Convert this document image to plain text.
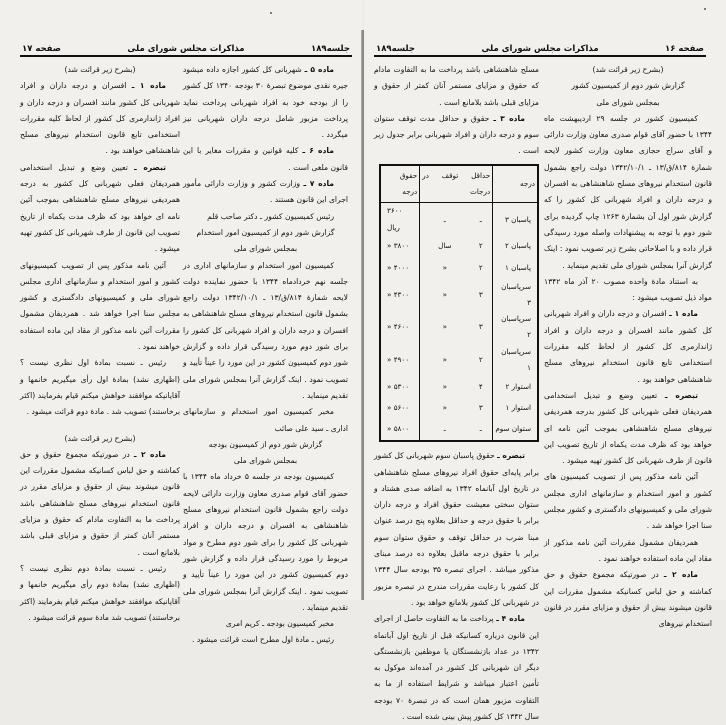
جلسه۱۸۹
مذاکرات مجلس شورای ملی
صفحه ۱۷

ماده ۵ ـ شهربانی کل کشور اجازه داده میشود جیره نقدی موضوع تبصرهٔ ۳۰ بودجه ۱۳۴۰ کل کشور را از بودجه خود به افراد شهربانی پرداخت نماید پرداخت مزبور شامل درجه داران شهربانی نیز میگردد .

ماده ۶ ـ کلیه قوانین و مقررات مغایر با این قانون ملغی است .

ماده ۷ ـ وزارت کشور و وزارت دارائی مأمور اجرای این قانون هستند .

رئیس کمیسیون کشور ـ دکتر صاحب قلم

گزارش شور دوم از کمیسیون امور استخدام

بمجلس شورای ملی

کمیسیون امور استخدام و سازمانهای اداری در جلسه نهم خردادماه ۱۳۴۴ با حضور نماینده دولت لایحه شمارهٔ ۸۱۴/ق/۱۳ ـ ۱۳۴۲/۱۰/۱ دولت راجع بشمول قانون استخدام نیروهای مسلح شاهنشاهی به افسران و درجه داران و افراد شهربانی کل کشور را برای شور دوم مورد رسیدگی قرار داده و گزارش شور دوم کمیسیون کشور در این مورد را عیناً تأیید و تصویب نمود . اینک گزارش آنرا بمجلس شورای ملی تقدیم مینماید .

مخبر کمیسیون امور استخدام و سازمانهای اداری ـ سید علی صائب

گزارش شور دوم از کمیسیون بودجه

بمجلس شورای ملی

کمیسیون بودجه در جلسه ۵ خرداد ماه ۱۳۴۴ با حضور آقای قوام صدری معاون وزارت دارائی لایحه دولت راجع بشمول قانون استخدام نیروهای مسلح شاهنشاهی به افسران و درجه داران و افراد شهربانی کل کشور را برای شور دوم مطرح و مواد مربوط را مورد رسیدگی قرار داده و گزارش شور دوم کمیسیون کشور در این مورد را عیناً تأیید و تصویب نمود . اینک گزارش آنرا بمجلس شورای ملی تقدیم مینماید .

مخبر کمیسیون بودجه ـ کریم امری

رئیس ـ مادهٔ اول مطرح است قرائت میشود .

(بشرح زیر قرائت شد)

ماده ۱ ـ افسران و درجه داران و افراد شهربانی کل کشور مانند افسران و درجه داران و افراد ژاندارمری کل کشور از لحاظ کلیه مقررات استخدامی تابع قانون استخدام نیروهای مسلح شاهنشاهی خواهند بود .

تبصره ـ تعیین وضع و تبدیل استخدامی همردیفان فعلی شهربانی کل کشور به درجه همردیفی نیروهای مسلح شاهنشاهی بموجب آئین نامه ای خواهد بود که ظرف مدت یکماه از تاریخ تصویب این قانون از طرف شهربانی کل کشور تهیه میشود .

آئین نامه مذکور پس از تصویب کمیسیونهای کشور و امور استخدام و سازمانهای اداری مجلس شورای ملی و کمیسیونهای دادگستری و کشور مجلس سنا اجرا خواهد شد . همردیفان مشمول مقررات آئین نامه مذکور از مقاد این ماده استفاده خواهند نمود .

رئیس ـ نسبت بمادهٔ اول نظری نیست ؟ (اظهاری نشد) بمادهٔ اول رأی میگیریم خانمها و آقایانیکه موافقند خواهش میکنم قیام بفرمایند (اکثر برخاستند) تصویب شد . مادهٔ دوم قرائت میشود .

(بشرح زیر قرائت شد)

ماده ۲ ـ در صورتیکه مجموع حقوق و حق کماشته و حق لباس کسانیکه مشمول مقررات این قانون میشوند بیش از حقوق و مزایای مقرر در قانون استخدام نیروهای مسلح شاهنشاهی باشد پرداخت ما به التفاوت مادام که حقوق و مزایای مستمر آنان کمتر از حقوق و مزایای قبلی باشد بلامانع است .

رئیس ـ نسبت بمادهٔ دوم نظری نیست ؟ (اظهاری نشد) بمادهٔ دوم رأی میگیریم خانمها و آقایانیکه موافقند خواهش میکنم قیام بفرمایند (اکثر برخاستند) تصویب شد مادهٔ سوم قرائت میشود .

صفحه ۱۶
مذاکرات مجلس شورای ملی
جلسه۱۸۹

(بشرح زیر قرائت شد)

گزارش شور دوم از کمیسیون کشور

بمجلس شورای ملی

کمیسیون کشور در جلسه ۲۹ اردیبهشت ماه ۱۳۴۴ با حضور آقای قوام صدری معاون وزارت دارائی و آقای سراج حجازی معاون وزارت کشور لایحه شمارهٔ ۸۱۴/ق/۱۳ ـ ۱۳۴۲/۱۰/۱ دولت راجع بشمول قانون استخدام نیروهای مسلح شاهنشاهی به افسران و درجه داران و افراد شهربانی کل کشور را که گزارش شور اول آن بشمارهٔ ۱۲۶۳ چاپ گردیده برای شور دوم با توجه به پیشنهادات واصله مورد رسیدگی قرار داده و با اصلاحاتی بشرح زیر تصویب نمود : اینک گزارش آنرا بمجلس شورای ملی تقدیم مینماید .

به استناد مادهٔ واحده مصوب ۲۰ آذر ماه ۱۳۴۲ مواد ذیل تصویب میشود :

ماده ۱ ـ افسران و درجه داران و افراد شهربانی کل کشور مانند افسران و درجه داران و افراد ژاندارمری کل کشور از لحاظ کلیه مقررات استخدامی تابع قانون استخدام نیروهای مسلح شاهنشاهی خواهند بود .

تبصره ـ تعیین وضع و تبدیل استخدامی همردیفان فعلی شهربانی کل کشور بدرجه همردیفی نیروهای مسلح شاهنشاهی بموجب آئین نامه ای خواهد بود که ظرف مدت یکماه از تاریخ تصویب این قانون از طرف شهربانی کل کشور تهیه میشود .

آئین نامه مذکور پس از تصویب کمیسیون های کشور و امور استخدام و سازمانهای اداری مجلس شورای ملی و کمیسیونهای دادگستری و کشور مجلس سنا اجرا خواهد شد .

همردیفان مشمول مقررات آئین نامه مذکور از مقاد این ماده استفاده خواهند نمود .

ماده ۲ ـ در صورتیکه مجموع حقوق و حق کماشته و حق لباس کسانیکه مشمول مقررات این قانون میشوند بیش از حقوق و مزایای مقرر در قانون استخدام نیروهای

مسلح شاهنشاهی باشد پرداخت ما به التفاوت مادام که حقوق و مزایای مستمر آنان کمتر از حقوق و مزایای قبلی باشد بلامانع است .

ماده ۳ ـ حقوق و حداقل مدت توقف ستوان سوم و درجه داران و افراد شهربانی برابر جدول زیر است .

درجه	حداقل توقف در درجات		حقوق درجه
پاسبان ۳	ـ	ـ	۳۶۰۰ ریال
پاسبان ۲	۲	سال	۳۸۰۰ «
پاسبان ۱	۲	«	۴۰۰۰ «
سرپاسبان ۳	۳	«	۴۳۰۰ «
سرپاسبان ۲	۳	«	۴۶۰۰ «
سرپاسبان ۱	۲	«	۴۹۰۰ «
استوار ۲	۴	«	۵۳۰۰ «
استوار ۱	۳	«	۵۶۰۰ «
ستوان سوم	ـ	ـ	۵۸۰۰ «

تبصره ـ حقوق پاسبان سوم شهربانی کل کشور برابر پایه‌ای حقوق افراد نیروهای مسلح شاهنشاهی در تاریخ اول آبانماه ۱۳۴۲ به اضافه صدی هشتاد و ستوان سختی معیشت حقوق افراد و درجه داران برابر با حقوق درجه و حداقل بعلاوه پنج درصد عنوان مبنا ضرب در حداقل توقف و حقوق ستوان سوم برابر با حقوق درجه ماقبل بعلاوه ده درصد مبنای مذکور میباشد . اجرای تبصره ۳۵ بودجه سال ۱۳۴۴ کل کشور با رعایت مقررات مندرج در تبصره مزبور در شهربانی کل کشور بلامانع خواهد بود .

ماده ۴ ـ پرداخت ما به التفاوت حاصل از اجرای این قانون درباره کسانیکه قبل از تاریخ اول آبانماه ۱۳۴۲ در عداد بازنشستگان یا موظفین بازنشستگی دیگر ان شهربانی کل کشور در آمده‌اند موکول به تأمین اعتبار میباشد و شرایط استفاده از ما به التفاوت مزبور همان است که در تبصرهٔ ۷۰ بودجه سال ۱۳۴۲ کل کشور پیش بینی شده است .
